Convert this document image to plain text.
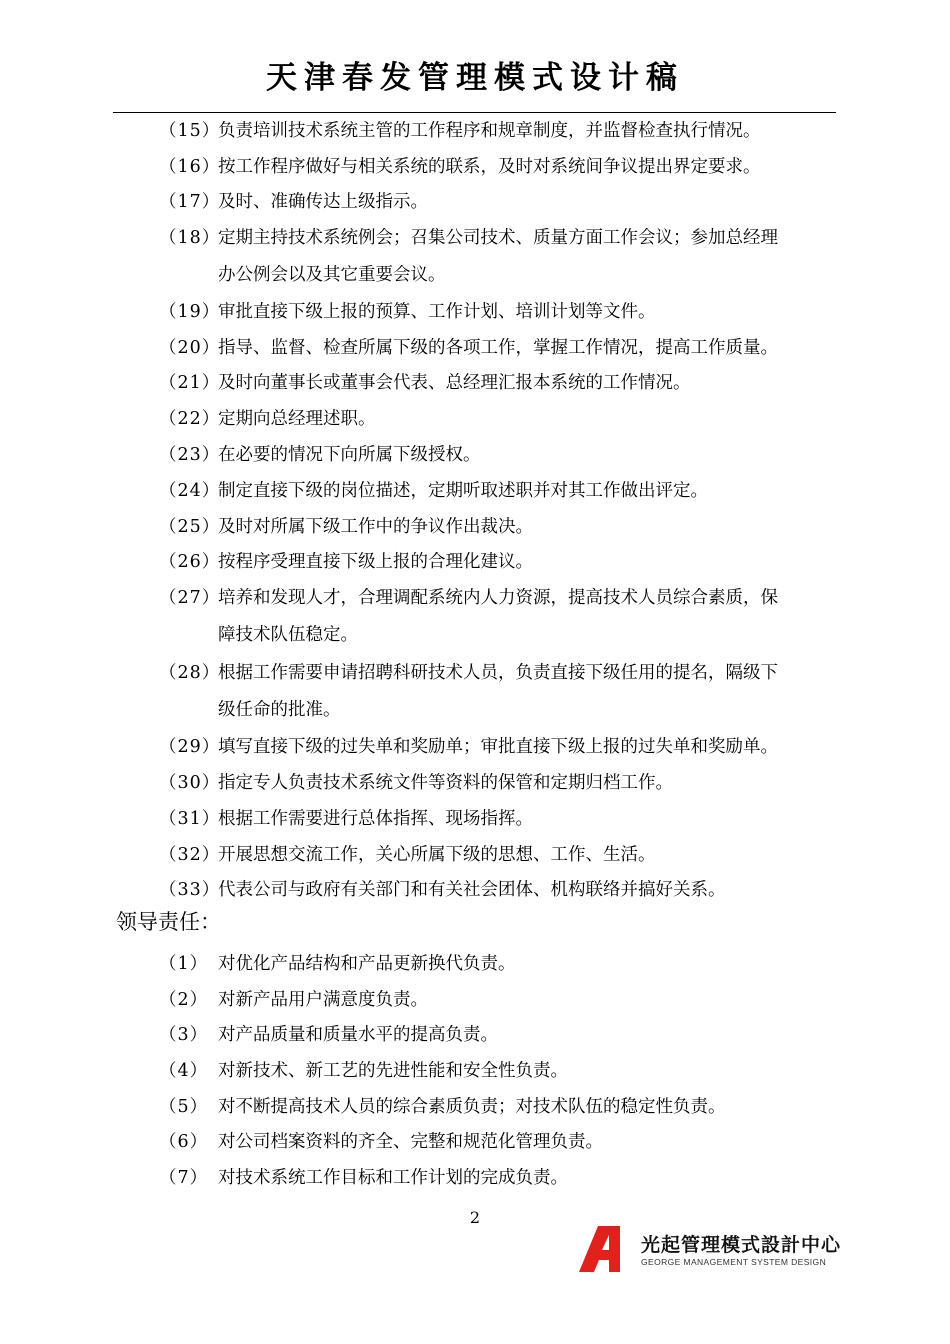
天津春发管理模式设计稿
（15）
负责培训技术系统主管的工作程序和规章制度，并监督检查执行情况。
（16）
按工作程序做好与相关系统的联系，及时对系统间争议提出界定要求。
（17）
及时、准确传达上级指示。
（18）
定期主持技术系统例会；召集公司技术、质量方面工作会议；参加总经理
办公例会以及其它重要会议。
（19）
审批直接下级上报的预算、工作计划、培训计划等文件。
（20）
指导、监督、检查所属下级的各项工作，掌握工作情况，提高工作质量。
（21）
及时向董事长或董事会代表、总经理汇报本系统的工作情况。
（22）
定期向总经理述职。
（23）
在必要的情况下向所属下级授权。
（24）
制定直接下级的岗位描述，定期听取述职并对其工作做出评定。
（25）
及时对所属下级工作中的争议作出裁决。
（26）
按程序受理直接下级上报的合理化建议。
（27）
培养和发现人才，合理调配系统内人力资源，提高技术人员综合素质，保
障技术队伍稳定。
（28）
根据工作需要申请招聘科研技术人员，负责直接下级任用的提名，隔级下
级任命的批准。
（29）
填写直接下级的过失单和奖励单；审批直接下级上报的过失单和奖励单。
（30）
指定专人负责技术系统文件等资料的保管和定期归档工作。
（31）
根据工作需要进行总体指挥、现场指挥。
（32）
开展思想交流工作，关心所属下级的思想、工作、生活。
（33）
代表公司与政府有关部门和有关社会团体、机构联络并搞好关系。
领导责任：
（1） 对优化产品结构和产品更新换代负责。
（2） 对新产品用户满意度负责。
（3） 对产品质量和质量水平的提高负责。
（4） 对新技术、新工艺的先进性能和安全性负责。
（5） 对不断提高技术人员的综合素质负责；对技术队伍的稳定性负责。
（6） 对公司档案资料的齐全、完整和规范化管理负责。
（7） 对技术系统工作目标和工作计划的完成负责。
2
光起管理模式設計中心
GEORGE MANAGEMENT SYSTEM DESIGN
